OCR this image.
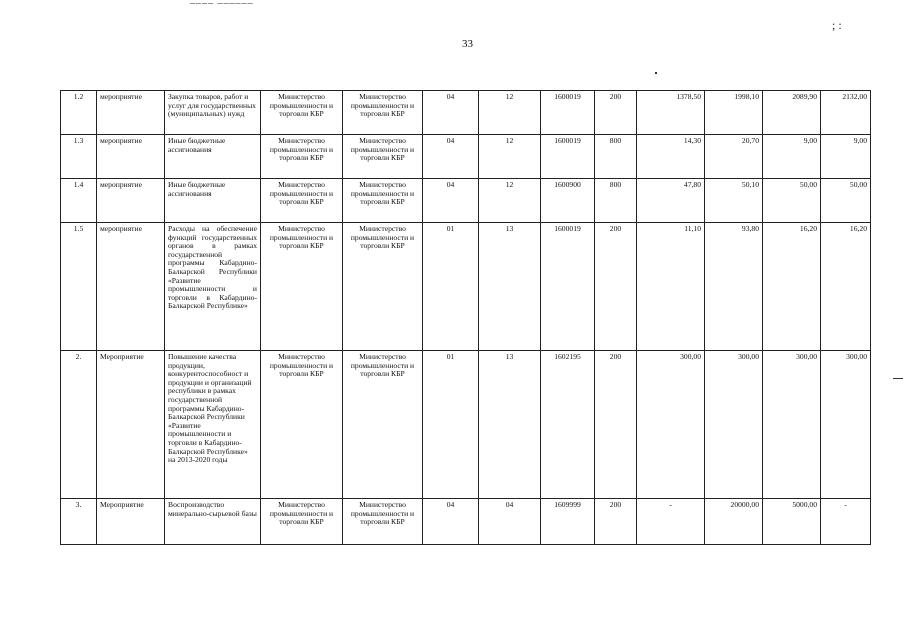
33
; :
1.2	мероприятие	Закупка товаров, работ и услуг для государственных (муниципальных) нужд	Министерство промышленности и торговли КБР	Министерство промышленности и торговли КБР	04	12	1600019	200	1378,50	1998,10	2089,90	2132,00
1.3	мероприятие	Иные бюджетные ассигнования	Министерство промышленности и торговли КБР	Министерство промышленности и торговли КБР	04	12	1600019	800	14,30	20,70	9,00	9,00
1.4	мероприятие	Иные бюджетные ассигнования	Министерство промышленности и торговли КБР	Министерство промышленности и торговли КБР	04	12	1600900	800	47,80	50,10	50,00	50,00
1.5	мероприятие	Расходы на обеспечение функций государственных органов в рамках государственной программы Кабардино-Балкарской Республики «Развитие промышленности и торговли в Кабардино-Балкарской Республике»	Министерство промышленности и торговли КБР	Министерство промышленности и торговли КБР	01	13	1600019	200	11,10	93,80	16,20	16,20
2.	Мероприятие	Повышение качества продукции, конкурентоспособност и продукции и организаций республики в рамках государственной программы Кабардино-Балкарской Республики «Развитие промышленности и торговли в Кабардино-Балкарской Республике» на 2013-2020 годы	Министерство промышленности и торговли КБР	Министерство промышленности и торговли КБР	01	13	1602195	200	300,00	300,00	300,00	300,00
3.	Мероприятие	Воспроизводство минерально-сырьевой базы	Министерство промышленности и торговли КБР	Министерство промышленности и торговли КБР	04	04	1609999	200	-	20000,00	5000,00	-
